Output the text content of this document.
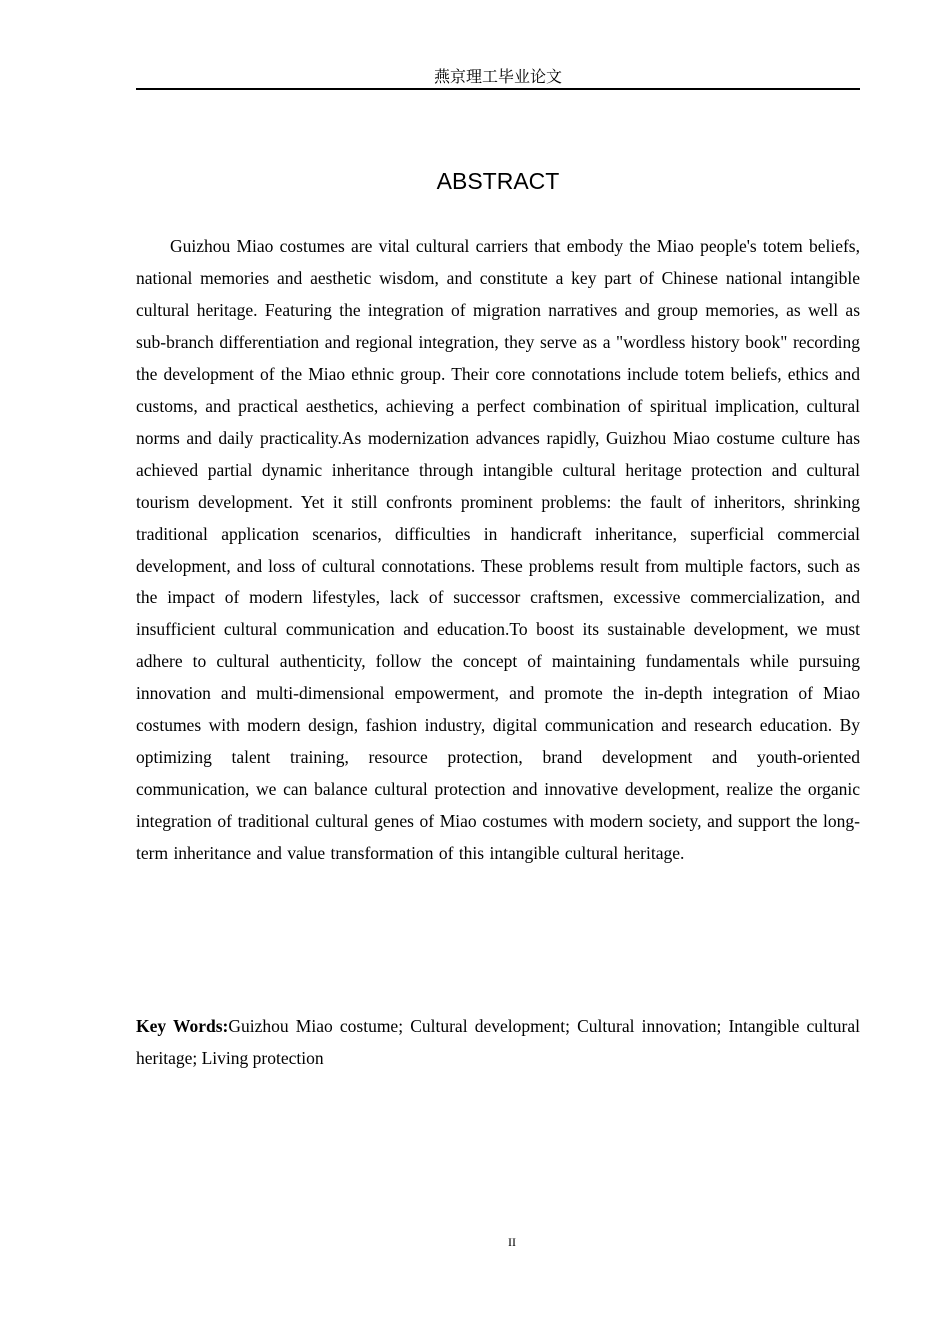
燕京理工毕业论文
ABSTRACT

Guizhou Miao costumes are vital cultural carriers that embody the Miao people's totem beliefs, national memories and aesthetic wisdom, and constitute a key part of Chinese national intangible cultural heritage. Featuring the integration of migration narratives and group memories, as well as sub-branch differentiation and regional integration, they serve as a "wordless history book" recording the development of the Miao ethnic group. Their core connotations include totem beliefs, ethics and customs, and practical aesthetics, achieving a perfect combination of spiritual implication, cultural norms and daily practicality.As modernization advances rapidly, Guizhou Miao costume culture has achieved partial dynamic inheritance through intangible cultural heritage protection and cultural tourism development. Yet it still confronts prominent problems: the fault of inheritors, shrinking traditional application scenarios, difficulties in handicraft inheritance, superficial commercial development, and loss of cultural connotations. These problems result from multiple factors, such as the impact of modern lifestyles, lack of successor craftsmen, excessive commercialization, and insufficient cultural communication and education.To boost its sustainable development, we must adhere to cultural authenticity, follow the concept of maintaining fundamentals while pursuing innovation and multi-dimensional empowerment, and promote the in-depth integration of Miao costumes with modern design, fashion industry, digital communication and research education. By optimizing talent training, resource protection, brand development and youth-oriented communication, we can balance cultural protection and innovative development, realize the organic integration of traditional cultural genes of Miao costumes with modern society, and support the long-term inheritance and value transformation of this intangible cultural heritage.

Key Words:Guizhou Miao costume; Cultural development; Cultural innovation; Intangible cultural heritage; Living protection

II
